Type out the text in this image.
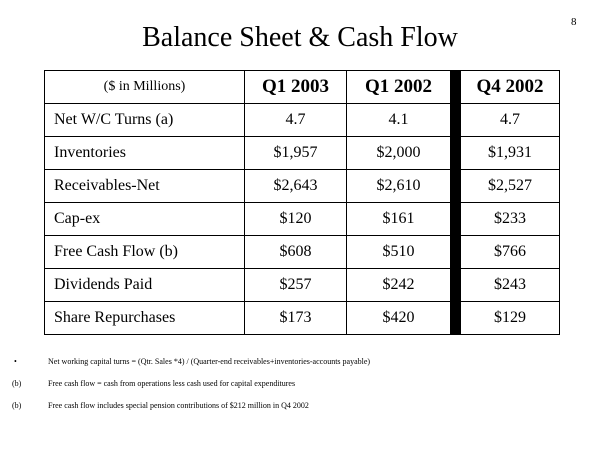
8
Balance Sheet & Cash Flow
($ in Millions)	Q1 2003	Q1 2002		Q4 2002
Net W/C Turns (a)	4.7	4.1		4.7
Inventories	$1,957	$2,000		$1,931
Receivables-Net	$2,643	$2,610		$2,527
Cap-ex	$120	$161		$233
Free Cash Flow (b)	$608	$510		$766
Dividends Paid	$257	$242		$243
Share Repurchases	$173	$420		$129
•	Net working capital turns = (Qtr. Sales *4) / (Quarter-end receivables+inventories-accounts payable)
(b)	Free cash flow = cash from operations less cash used for capital expenditures
(b)	Free cash flow includes special pension contributions of $212 million in Q4 2002
